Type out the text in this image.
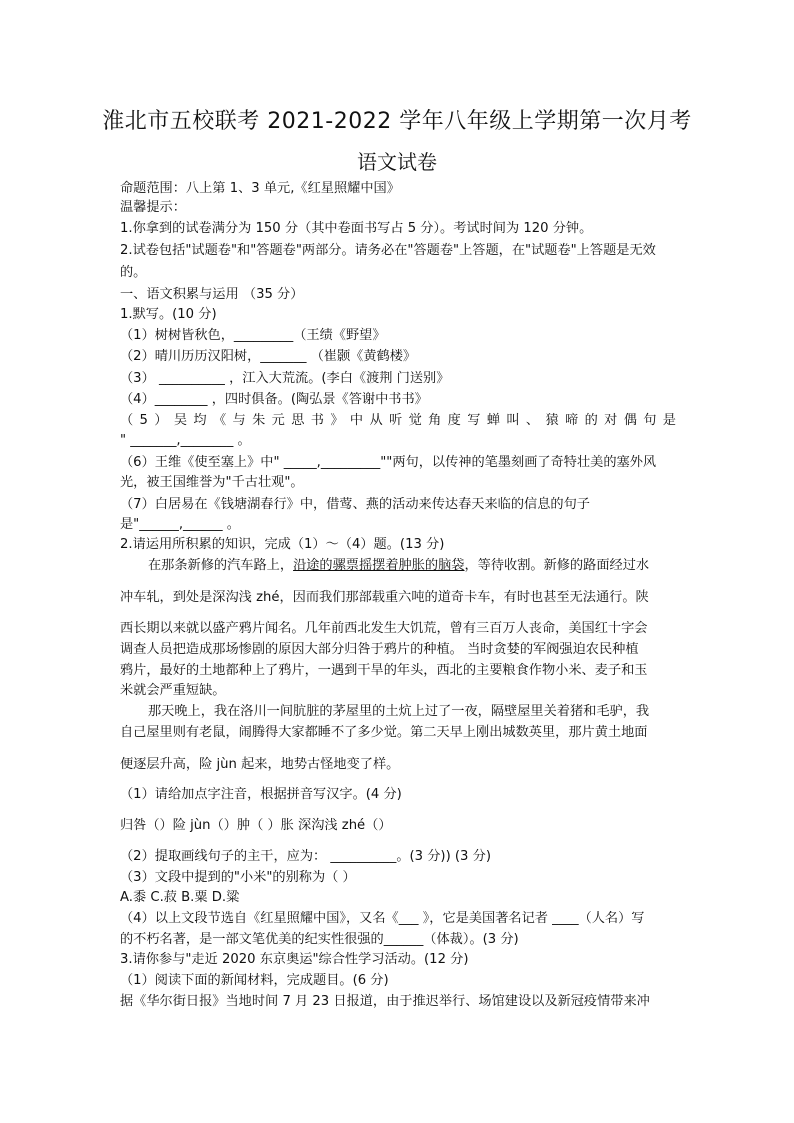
淮北市五校联考 2021-2022 学年八年级上学期第一次月考
语文试卷
命题范围：八上第 1、3 单元,《红星照耀中国》
温馨提示：
1.你拿到的试卷满分为 150 分（其中卷面书写占 5 分）。考试时间为 120 分钟。
2.试卷包括"试题卷"和"答题卷"两部分。请务必在"答题卷"上答题，在"试题卷"上答题是无效
的。
一、语文积累与运用 （35 分）
1.默写。(10 分)
（1）树树皆秋色，_________（王绩《野望》
（2）晴川历历汉阳树，_______ （崔颢《黄鹤楼》
（3） __________ ，江入大荒流。(李白《渡荆 门送别》
（4）________ ，四时俱备。(陶弘景《答谢中书书》
（5）吴均《与朱元思书》中从听觉角度写蝉叫、猿啼的对偶句是
" _______,________ 。
（6）王维《使至塞上》中" _____,_________""两句，以传神的笔墨刻画了奇特壮美的塞外风
光，被王国维誉为"千古壮观"。
（7）白居易在《钱塘湖春行》中，借莺、燕的活动来传达春天来临的信息的句子
是"______,______ 。
2.请运用所积累的知识，完成（1）～（4）题。(13 分)
在那条新修的汽车路上，沿途的骡票摇摆着肿胀的脑袋，等待收割。新修的路面经过水
冲车轧，到处是深沟浅 zhé，因而我们那部载重六吨的道奇卡车，有时也甚至无法通行。陕
西长期以来就以盛产鸦片闻名。几年前西北发生大饥荒，曾有三百万人丧命，美国红十字会
调查人员把造成那场惨剧的原因大部分归咎于鸦片的种植。 当时贪婪的军阀强迫农民种植
鸦片，最好的土地都种上了鸦片，一遇到干旱的年头，西北的主要粮食作物小米、麦子和玉
米就会严重短缺。
那天晚上，我在洛川一间肮脏的茅屋里的土炕上过了一夜，隔壁屋里关着猪和毛驴，我
自己屋里则有老鼠，闹腾得大家都睡不了多少觉。第二天早上刚出城数英里，那片黄土地面
便逐层升高，险 jùn 起来，地势古怪地变了样。
（1）请给加点字注音，根据拼音写汉字。(4 分)
归咎（）险 jùn（）肿（ ）胀 深沟浅 zhé（）
（2）提取画线句子的主干，应为： __________。(3 分)) (3 分)
（3）文段中提到的"小米"的别称为（ ）
A.黍 C.菽 B.粟 D.粱
（4）以上文段节选自《红星照耀中国》，又名《___ 》，它是美国著名记者 ____（人名）写
的不朽名著，是一部文笔优美的纪实性很强的______（体裁）。(3 分)
3.请你参与"走近 2020 东京奥运"综合性学习活动。(12 分)
（1）阅读下面的新闻材料，完成题目。(6 分)
据《华尔街日报》当地时间 7 月 23 日报道，由于推迟举行、场馆建设以及新冠疫情带来冲
